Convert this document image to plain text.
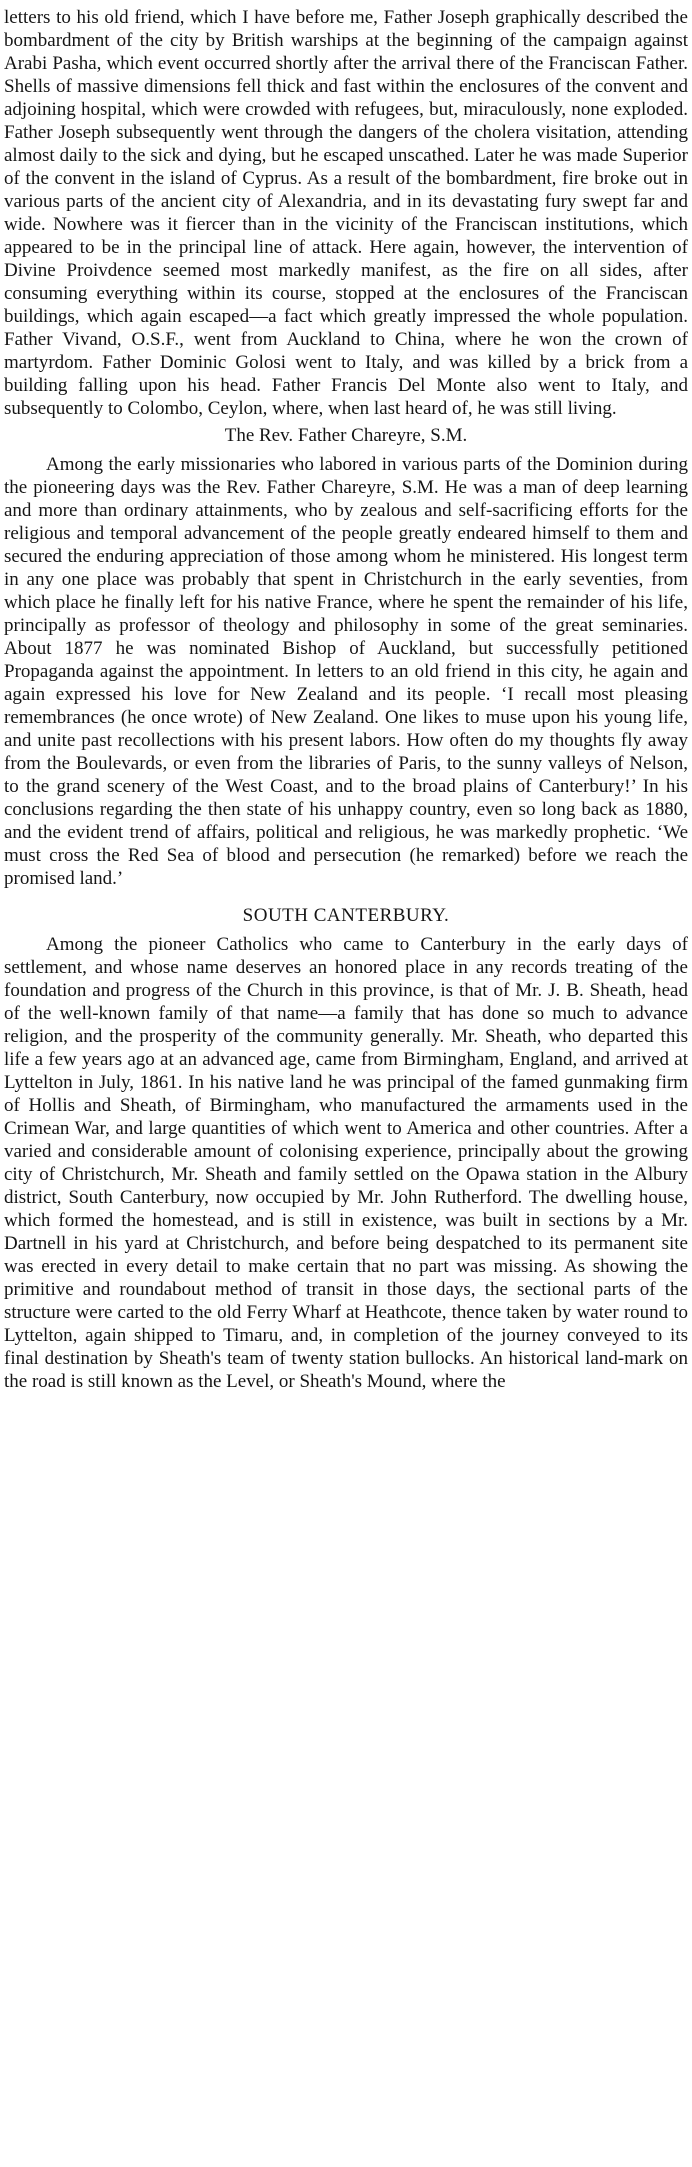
letters to his old friend, which I have before me, Father Joseph graphically described the bombardment of the city by British warships at the beginning of the campaign against Arabi Pasha, which event occurred shortly after the arrival there of the Franciscan Father. Shells of massive dimensions fell thick and fast within the enclosures of the convent and adjoining hospital, which were crowded with refugees, but, miraculously, none exploded. Father Joseph subsequently went through the dangers of the cholera visitation, attending almost daily to the sick and dying, but he escaped unscathed. Later he was made Superior of the convent in the island of Cyprus. As a result of the bombardment, fire broke out in various parts of the ancient city of Alexandria, and in its devastating fury swept far and wide. Nowhere was it fiercer than in the vicinity of the Franciscan institutions, which appeared to be in the principal line of attack. Here again, however, the intervention of Divine Proivdence seemed most markedly manifest, as the fire on all sides, after consuming everything within its course, stopped at the enclosures of the Franciscan buildings, which again escaped—a fact which greatly impressed the whole population. Father Vivand, O.S.F., went from Auckland to China, where he won the crown of martyrdom. Father Dominic Golosi went to Italy, and was killed by a brick from a building falling upon his head. Father Francis Del Monte also went to Italy, and subsequently to Colombo, Ceylon, where, when last heard of, he was still living.

The Rev. Father Chareyre, S.M.

Among the early missionaries who labored in various parts of the Dominion during the pioneering days was the Rev. Father Chareyre, S.M. He was a man of deep learning and more than ordinary attainments, who by zealous and self-sacrificing efforts for the religious and temporal advancement of the people greatly endeared himself to them and secured the enduring appreciation of those among whom he ministered. His longest term in any one place was probably that spent in Christchurch in the early seventies, from which place he finally left for his native France, where he spent the remainder of his life, principally as professor of theology and philosophy in some of the great seminaries. About 1877 he was nominated Bishop of Auckland, but successfully petitioned Propaganda against the appointment. In letters to an old friend in this city, he again and again expressed his love for New Zealand and its people. ‘I recall most pleasing remembrances (he once wrote) of New Zealand. One likes to muse upon his young life, and unite past recollections with his present labors. How often do my thoughts fly away from the Boulevards, or even from the libraries of Paris, to the sunny valleys of Nelson, to the grand scenery of the West Coast, and to the broad plains of Canterbury!’ In his conclusions regarding the then state of his unhappy country, even so long back as 1880, and the evident trend of affairs, political and religious, he was markedly prophetic. ‘We must cross the Red Sea of blood and persecution (he remarked) before we reach the promised land.’

SOUTH CANTERBURY.

Among the pioneer Catholics who came to Canterbury in the early days of settlement, and whose name deserves an honored place in any records treating of the foundation and progress of the Church in this province, is that of Mr. J. B. Sheath, head of the well-known family of that name—a family that has done so much to advance religion, and the prosperity of the community generally. Mr. Sheath, who departed this life a few years ago at an advanced age, came from Birmingham, England, and arrived at Lyttelton in July, 1861. In his native land he was principal of the famed gunmaking firm of Hollis and Sheath, of Birmingham, who manufactured the armaments used in the Crimean War, and large quantities of which went to America and other countries. After a varied and considerable amount of colonising experience, principally about the growing city of Christchurch, Mr. Sheath and family settled on the Opawa station in the Albury district, South Canterbury, now occupied by Mr. John Rutherford. The dwelling house, which formed the homestead, and is still in existence, was built in sections by a Mr. Dartnell in his yard at Christchurch, and before being despatched to its permanent site was erected in every detail to make certain that no part was missing. As showing the primitive and roundabout method of transit in those days, the sectional parts of the structure were carted to the old Ferry Wharf at Heathcote, thence taken by water round to Lyttelton, again shipped to Timaru, and, in completion of the journey conveyed to its final destination by Sheath's team of twenty station bullocks. An historical land-mark on the road is still known as the Level, or Sheath's Mound, where the
